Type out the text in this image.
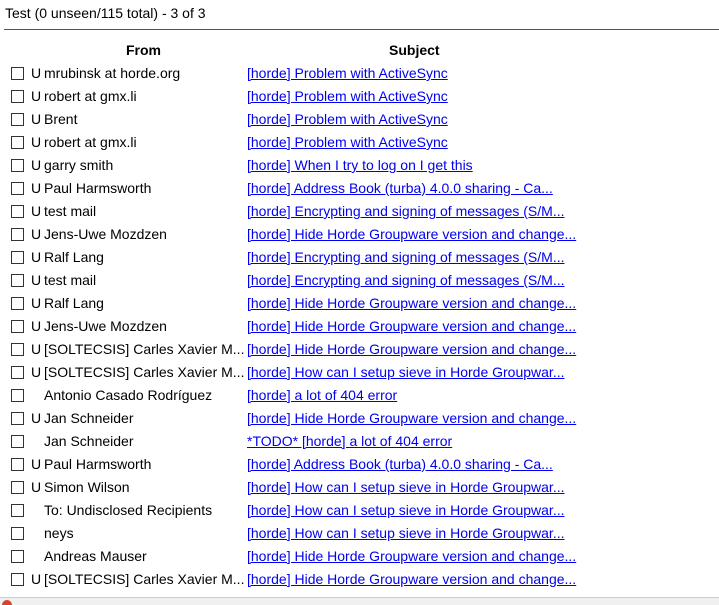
Test (0 unseen/115 total) - 3 of 3
From	Subject
U mrubinsk at horde.org	[horde] Problem with ActiveSync
U robert at gmx.li	[horde] Problem with ActiveSync
U Brent	[horde] Problem with ActiveSync
U robert at gmx.li	[horde] Problem with ActiveSync
U garry smith	[horde] When I try to log on I get this
U Paul Harmsworth	[horde] Address Book (turba) 4.0.0 sharing - Ca...
U test mail	[horde] Encrypting and signing of messages (S/M...
U Jens-Uwe Mozdzen	[horde] Hide Horde Groupware version and change...
U Ralf Lang	[horde] Encrypting and signing of messages (S/M...
U test mail	[horde] Encrypting and signing of messages (S/M...
U Ralf Lang	[horde] Hide Horde Groupware version and change...
U Jens-Uwe Mozdzen	[horde] Hide Horde Groupware version and change...
U [SOLTECSIS] Carles Xavier M... [horde] Hide Horde Groupware version and change...
U [SOLTECSIS] Carles Xavier M... [horde] How can I setup sieve in Horde Groupwar...
Antonio Casado Rodríguez	[horde] a lot of 404 error
U Jan Schneider	[horde] Hide Horde Groupware version and change...
Jan Schneider	*TODO* [horde] a lot of 404 error
U Paul Harmsworth	[horde] Address Book (turba) 4.0.0 sharing - Ca...
U Simon Wilson	[horde] How can I setup sieve in Horde Groupwar...
To: Undisclosed Recipients	[horde] How can I setup sieve in Horde Groupwar...
neys	[horde] How can I setup sieve in Horde Groupwar...
Andreas Mauser	[horde] Hide Horde Groupware version and change...
U [SOLTECSIS] Carles Xavier M... [horde] Hide Horde Groupware version and change...
